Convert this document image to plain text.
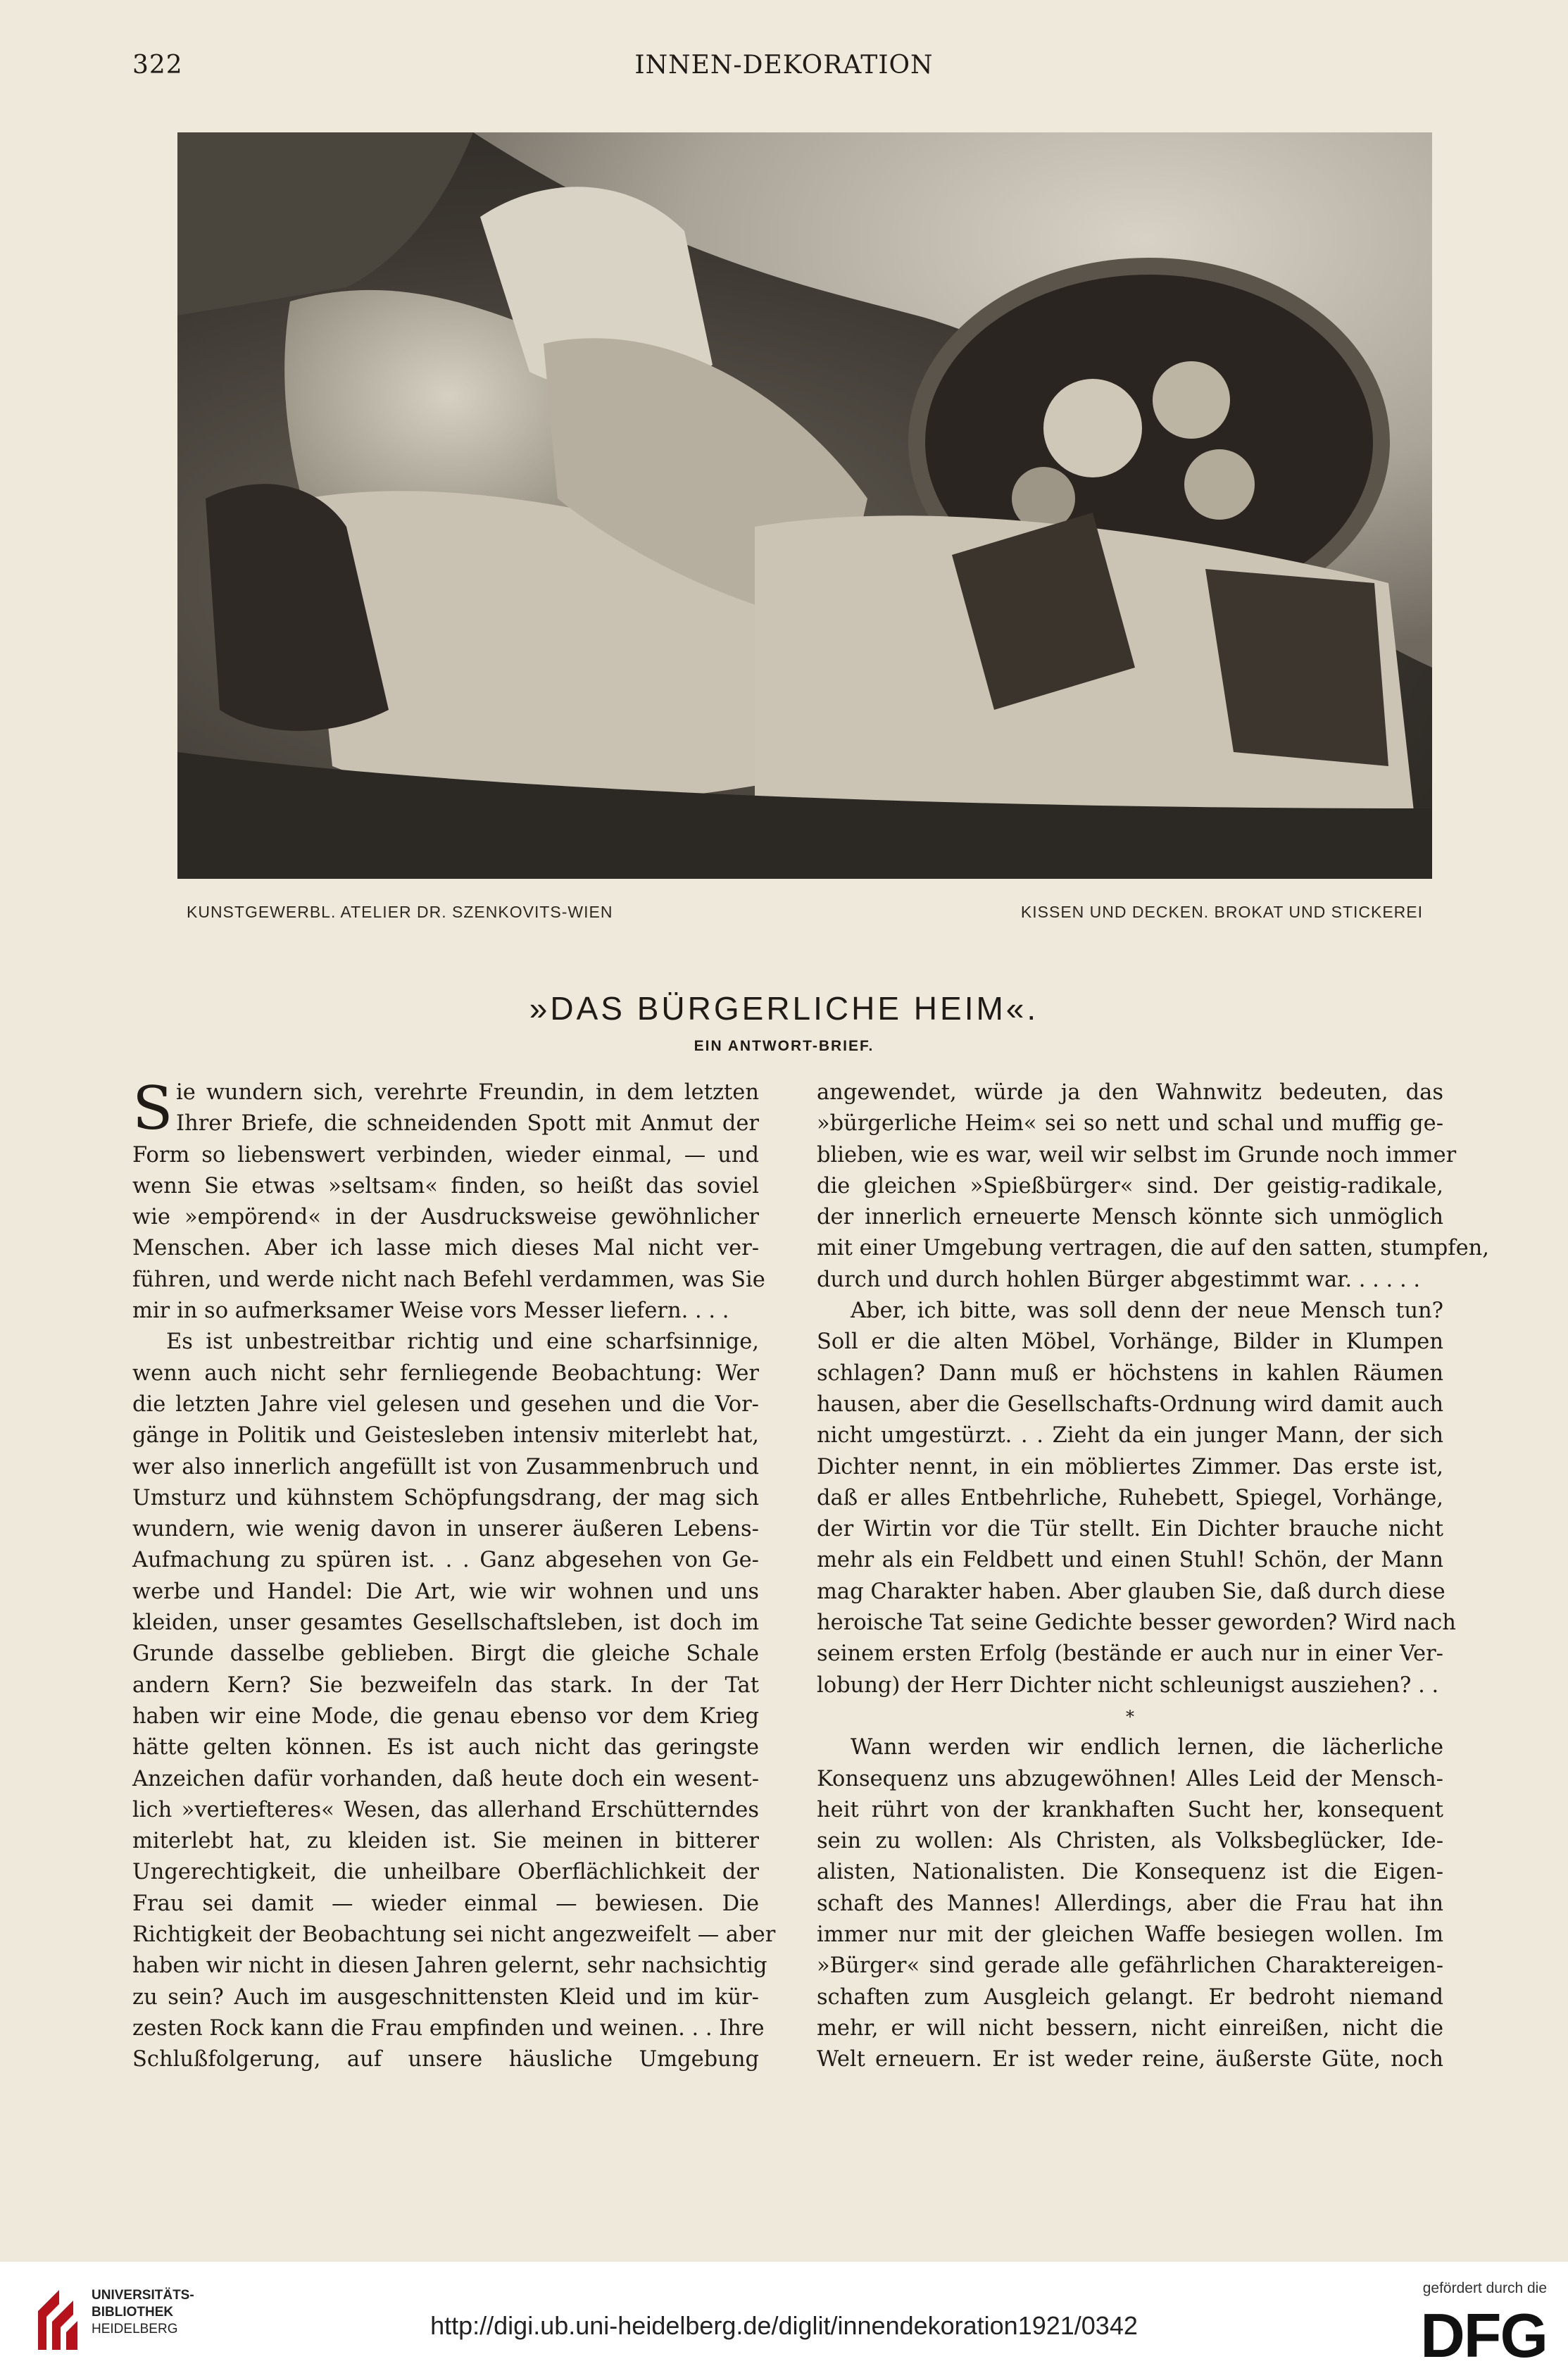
322	INNEN-DEKORATION
KUNSTGEWERBL. ATELIER DR. SZENKOVITS-WIEN	KISSEN UND DECKEN. BROKAT UND STICKEREI
»DAS BÜRGERLICHE HEIM«.
EIN ANTWORT-BRIEF.
S ie wundern sich, verehrte Freundin, in dem letzten
Ihrer Briefe, die schneidenden Spott mit Anmut der
Form so liebenswert verbinden, wieder einmal, — und
wenn Sie etwas »seltsam« finden, so heißt das soviel
wie »empörend« in der Ausdrucksweise gewöhnlicher
Menschen. Aber ich lasse mich dieses Mal nicht ver-
führen, und werde nicht nach Befehl verdammen, was Sie
mir in so aufmerksamer Weise vors Messer liefern. . . .
Es ist unbestreitbar richtig und eine scharfsinnige,
wenn auch nicht sehr fernliegende Beobachtung: Wer
die letzten Jahre viel gelesen und gesehen und die Vor-
gänge in Politik und Geistesleben intensiv miterlebt hat,
wer also innerlich angefüllt ist von Zusammenbruch und
Umsturz und kühnstem Schöpfungsdrang, der mag sich
wundern, wie wenig davon in unserer äußeren Lebens-
Aufmachung zu spüren ist. . . Ganz abgesehen von Ge-
werbe und Handel: Die Art, wie wir wohnen und uns
kleiden, unser gesamtes Gesellschaftsleben, ist doch im
Grunde dasselbe geblieben. Birgt die gleiche Schale
andern Kern? Sie bezweifeln das stark. In der Tat
haben wir eine Mode, die genau ebenso vor dem Krieg
hätte gelten können. Es ist auch nicht das geringste
Anzeichen dafür vorhanden, daß heute doch ein wesent-
lich »vertiefteres« Wesen, das allerhand Erschütterndes
miterlebt hat, zu kleiden ist. Sie meinen in bitterer
Ungerechtigkeit, die unheilbare Oberflächlichkeit der
Frau sei damit — wieder einmal — bewiesen. Die
Richtigkeit der Beobachtung sei nicht angezweifelt — aber
haben wir nicht in diesen Jahren gelernt, sehr nachsichtig
zu sein? Auch im ausgeschnittensten Kleid und im kür-
zesten Rock kann die Frau empfinden und weinen. . . Ihre
Schlußfolgerung, auf unsere häusliche Umgebung
angewendet, würde ja den Wahnwitz bedeuten, das
»bürgerliche Heim« sei so nett und schal und muffig ge-
blieben, wie es war, weil wir selbst im Grunde noch immer
die gleichen »Spießbürger« sind. Der geistig-radikale,
der innerlich erneuerte Mensch könnte sich unmöglich
mit einer Umgebung vertragen, die auf den satten, stumpfen,
durch und durch hohlen Bürger abgestimmt war. . . . . .
Aber, ich bitte, was soll denn der neue Mensch tun?
Soll er die alten Möbel, Vorhänge, Bilder in Klumpen
schlagen? Dann muß er höchstens in kahlen Räumen
hausen, aber die Gesellschafts-Ordnung wird damit auch
nicht umgestürzt. . . Zieht da ein junger Mann, der sich
Dichter nennt, in ein möbliertes Zimmer. Das erste ist,
daß er alles Entbehrliche, Ruhebett, Spiegel, Vorhänge,
der Wirtin vor die Tür stellt. Ein Dichter brauche nicht
mehr als ein Feldbett und einen Stuhl! Schön, der Mann
mag Charakter haben. Aber glauben Sie, daß durch diese
heroische Tat seine Gedichte besser geworden? Wird nach
seinem ersten Erfolg (bestände er auch nur in einer Ver-
lobung) der Herr Dichter nicht schleunigst ausziehen? . .
*
Wann werden wir endlich lernen, die lächerliche
Konsequenz uns abzugewöhnen! Alles Leid der Mensch-
heit rührt von der krankhaften Sucht her, konsequent
sein zu wollen: Als Christen, als Volksbeglücker, Ide-
alisten, Nationalisten. Die Konsequenz ist die Eigen-
schaft des Mannes! Allerdings, aber die Frau hat ihn
immer nur mit der gleichen Waffe besiegen wollen. Im
»Bürger« sind gerade alle gefährlichen Charaktereigen-
schaften zum Ausgleich gelangt. Er bedroht niemand
mehr, er will nicht bessern, nicht einreißen, nicht die
Welt erneuern. Er ist weder reine, äußerste Güte, noch
UNIVERSITÄTS-
BIBLIOTHEK
HEIDELBERG	http://digi.ub.uni-heidelberg.de/diglit/innendekoration1921/0342
gefördert durch die
DFG
